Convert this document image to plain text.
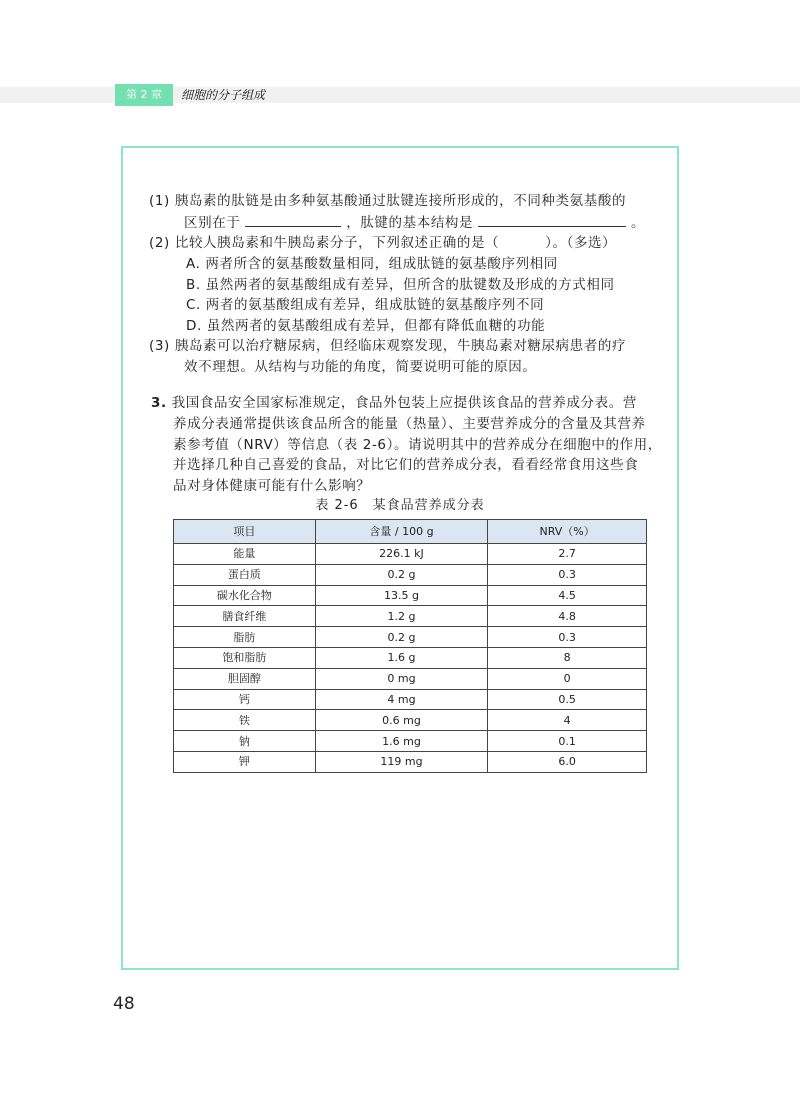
第 2 章	细胞的分子组成
(1) 胰岛素的肽链是由多种氨基酸通过肽键连接所形成的，不同种类氨基酸的
区别在于	，肽键的基本结构是	。
(2) 比较人胰岛素和牛胰岛素分子，下列叙述正确的是（	）。（多选）
A. 两者所含的氨基酸数量相同，组成肽链的氨基酸序列相同
B. 虽然两者的氨基酸组成有差异，但所含的肽键数及形成的方式相同
C. 两者的氨基酸组成有差异，组成肽链的氨基酸序列不同
D. 虽然两者的氨基酸组成有差异，但都有降低血糖的功能
(3) 胰岛素可以治疗糖尿病，但经临床观察发现，牛胰岛素对糖尿病患者的疗
效不理想。从结构与功能的角度，简要说明可能的原因。
3. 我国食品安全国家标准规定，食品外包装上应提供该食品的营养成分表。营
养成分表通常提供该食品所含的能量（热量）、主要营养成分的含量及其营养
素参考值（NRV）等信息（表 2-6）。请说明其中的营养成分在细胞中的作用，
并选择几种自己喜爱的食品，对比它们的营养成分表，看看经常食用这些食
品对身体健康可能有什么影响？
表 2-6　某食品营养成分表
项目	含量 / 100 g	NRV（%）
能量	226.1 kJ	2.7
蛋白质	0.2 g	0.3
碳水化合物	13.5 g	4.5
膳食纤维	1.2 g	4.8
脂肪	0.2 g	0.3
饱和脂肪	1.6 g	8
胆固醇	0 mg	0
钙	4 mg	0.5
铁	0.6 mg	4
钠	1.6 mg	0.1
钾	119 mg	6.0
48
